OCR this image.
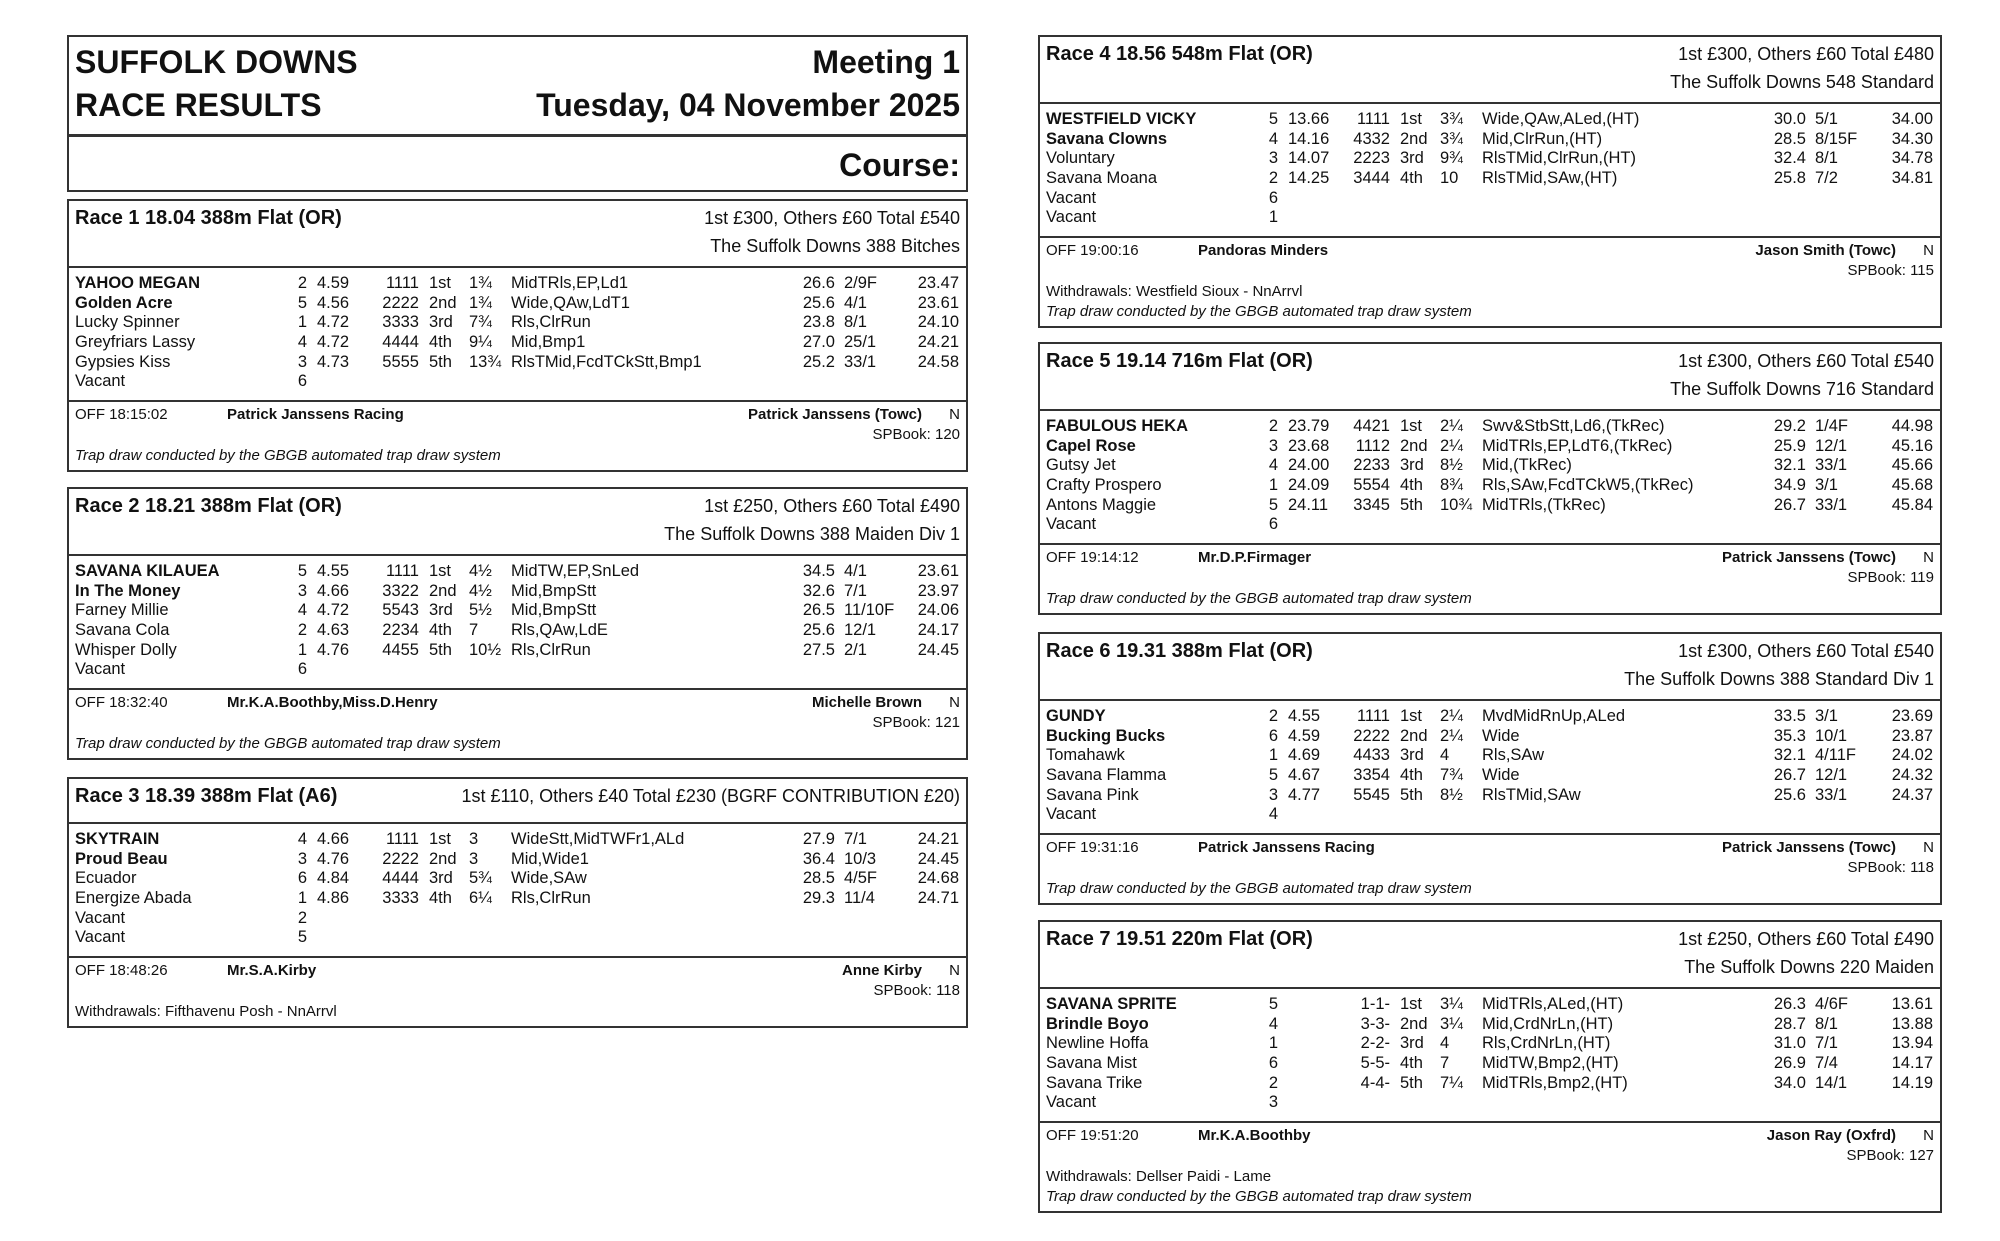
SUFFOLK DOWNS
RACE RESULTS
Meeting 1
Tuesday, 04 November 2025
Course:
Race 1 18.04 388m Flat (OR)	1st £300, Others £60 Total £540
The Suffolk Downs 388 Bitches
YAHOO MEGAN	2 4.59 1111 1st 1¾ MidTRls,EP,Ld1	26.6 2/9F 23.47
Golden Acre	5 4.56 2222 2nd 1¾ Wide,QAw,LdT1	25.6 4/1	23.61
Lucky Spinner	1 4.72 3333 3rd 7¾ Rls,ClrRun	23.8 8/1	24.10
Greyfriars Lassy	4 4.72 4444 4th 9¼ Mid,Bmp1	27.0 25/1	24.21
Gypsies Kiss	3 4.73 5555 5th 13¾ RlsTMid,FcdTCkStt,Bmp1	25.2 33/1	24.58
Vacant	6
OFF 18:15:02	Patrick Janssens Racing	Patrick Janssens (Towc) N
SPBook: 120
Trap draw conducted by the GBGB automated trap draw system
Race 2 18.21 388m Flat (OR)	1st £250, Others £60 Total £490
The Suffolk Downs 388 Maiden Div 1
SAVANA KILAUEA	5 4.55 1111 1st 4½ MidTW,EP,SnLed	34.5 4/1	23.61
In The Money	3 4.66 3322 2nd 4½ Mid,BmpStt	32.6 7/1	23.97
Farney Millie	4 4.72 5543 3rd 5½ Mid,BmpStt	26.5 11/10F 24.06
Savana Cola	2 4.63 2234 4th 7 Rls,QAw,LdE	25.6 12/1	24.17
Whisper Dolly	1 4.76 4455 5th 10½ Rls,ClrRun	27.5 2/1	24.45
Vacant	6
OFF 18:32:40	Mr.K.A.Boothby,Miss.D.Henry	Michelle Brown N
SPBook: 121
Trap draw conducted by the GBGB automated trap draw system
Race 3 18.39 388m Flat (A6)	1st £110, Others £40 Total £230 (BGRF CONTRIBUTION £20)
SKYTRAIN	4 4.66 1111 1st 3 WideStt,MidTWFr1,ALd	27.9 7/1	24.21
Proud Beau	3 4.76 2222 2nd 3 Mid,Wide1	36.4 10/3	24.45
Ecuador	6 4.84 4444 3rd 5¾ Wide,SAw	28.5 4/5F 24.68
Energize Abada	1 4.86 3333 4th 6¼ Rls,ClrRun	29.3 11/4	24.71
Vacant	2
Vacant	5
OFF 18:48:26	Mr.S.A.Kirby	Anne Kirby N
SPBook: 118
Withdrawals: Fifthavenu Posh - NnArrvl
Race 4 18.56 548m Flat (OR)	1st £300, Others £60 Total £480
The Suffolk Downs 548 Standard
WESTFIELD VICKY	5 13.66 1111 1st 3¾ Wide,QAw,ALed,(HT)	30.0 5/1	34.00
Savana Clowns	4 14.16 4332 2nd 3¾ Mid,ClrRun,(HT)	28.5 8/15F 34.30
Voluntary	3 14.07 2223 3rd 9¾ RlsTMid,ClrRun,(HT)	32.4 8/1	34.78
Savana Moana	2 14.25 3444 4th 10 RlsTMid,SAw,(HT)	25.8 7/2	34.81
Vacant	6
Vacant	1
OFF 19:00:16	Pandoras Minders	Jason Smith (Towc) N
SPBook: 115
Withdrawals: Westfield Sioux - NnArrvl
Trap draw conducted by the GBGB automated trap draw system
Race 5 19.14 716m Flat (OR)	1st £300, Others £60 Total £540
The Suffolk Downs 716 Standard
FABULOUS HEKA	2 23.79 4421 1st 2¼ Swv&StbStt,Ld6,(TkRec)	29.2 1/4F	44.98
Capel Rose	3 23.68 1112 2nd 2¼ MidTRls,EP,LdT6,(TkRec)	25.9 12/1	45.16
Gutsy Jet	4 24.00 2233 3rd 8½ Mid,(TkRec)	32.1 33/1	45.66
Crafty Prospero	1 24.09 5554 4th 8¾ Rls,SAw,FcdTCkW5,(TkRec)	34.9 3/1	45.68
Antons Maggie	5 24.11 3345 5th 10¾ MidTRls,(TkRec)	26.7 33/1	45.84
Vacant	6
OFF 19:14:12	Mr.D.P.Firmager	Patrick Janssens (Towc) N
SPBook: 119
Trap draw conducted by the GBGB automated trap draw system
Race 6 19.31 388m Flat (OR)	1st £300, Others £60 Total £540
The Suffolk Downs 388 Standard Div 1
GUNDY	2 4.55 1111 1st 2¼ MvdMidRnUp,ALed	33.5 3/1	23.69
Bucking Bucks	6 4.59 2222 2nd 2¼ Wide	35.3 10/1	23.87
Tomahawk	1 4.69 4433 3rd 4 Rls,SAw	32.1 4/11F 24.02
Savana Flamma	5 4.67 3354 4th 7¾ Wide	26.7 12/1	24.32
Savana Pink	3 4.77 5545 5th 8½ RlsTMid,SAw	25.6 33/1	24.37
Vacant	4
OFF 19:31:16	Patrick Janssens Racing	Patrick Janssens (Towc) N
SPBook: 118
Trap draw conducted by the GBGB automated trap draw system
Race 7 19.51 220m Flat (OR)	1st £250, Others £60 Total £490
The Suffolk Downs 220 Maiden
SAVANA SPRITE	5	1-1- 1st 3¼ MidTRls,ALed,(HT)	26.3 4/6F	13.61
Brindle Boyo	4	3-3- 2nd 3¼ Mid,CrdNrLn,(HT)	28.7 8/1	13.88
Newline Hoffa	1	2-2- 3rd 4 Rls,CrdNrLn,(HT)	31.0 7/1	13.94
Savana Mist	6	5-5- 4th 7 MidTW,Bmp2,(HT)	26.9 7/4	14.17
Savana Trike	2	4-4- 5th 7¼ MidTRls,Bmp2,(HT)	34.0 14/1	14.19
Vacant	3
OFF 19:51:20	Mr.K.A.Boothby	Jason Ray (Oxfrd) N
SPBook: 127
Withdrawals: Dellser Paidi - Lame
Trap draw conducted by the GBGB automated trap draw system
